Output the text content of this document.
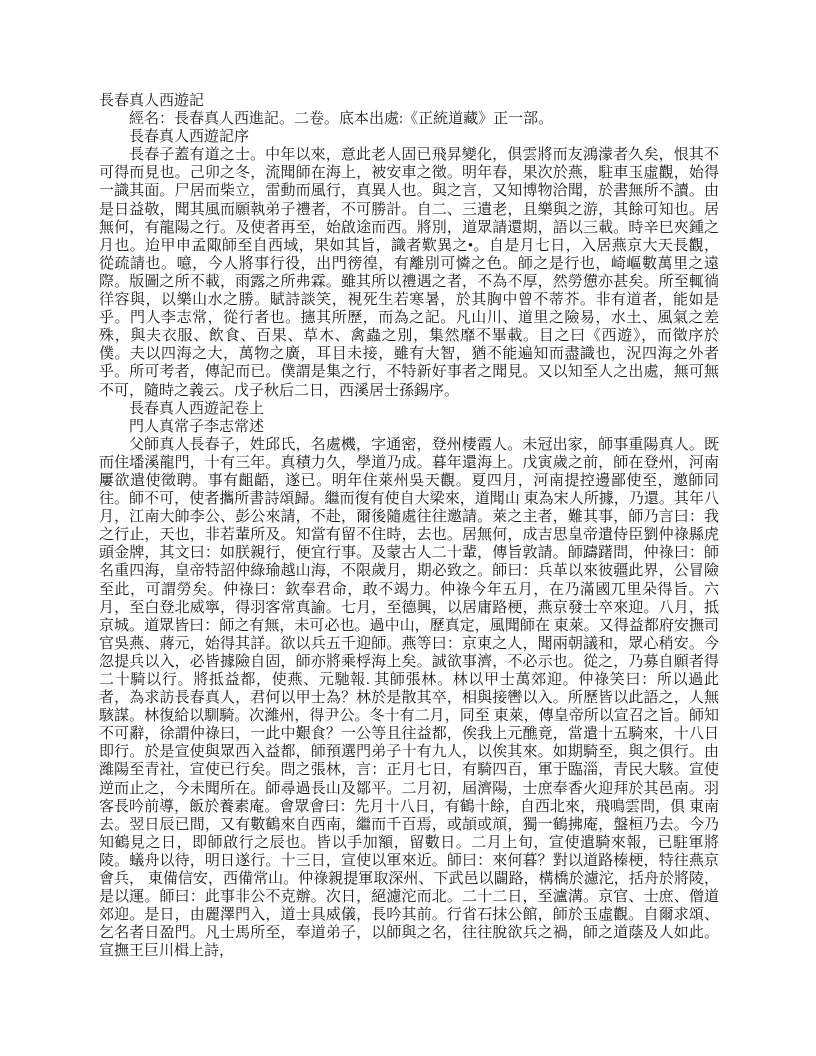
長春真人西遊記
經名：長春真人西進記。二卷。底本出處:《正統道藏》正一部。
長春真人西遊記序

長春子蓋有道之士。中年以來，意此老人固已飛昇變化，倶雲將而友鴻濛者久矣，恨其不可得而見也。己卯之冬，流聞師在海上，被安車之徵。明年春，果次於燕，駐車玉虛觀，始得一識其面。尸居而柴立，雷動而風行，真異人也。與之言，又知博物洽聞，於書無所不讀。由是日益敬，聞其風而願執弟子禮者，不可勝計。自二、三遺老，且樂與之游，其餘可知也。居無何，有龍陽之行。及使者再至，始啟途而西。將別，道眾請還期，語以三載。時辛巳夾鍾之月也。迨甲申孟陬師至自西域，果如其旨，識者歎異之•。自是月七日，入居燕京大天長觀，從疏請也。噫，今人將事行役，出門徬徨，有離別可憐之色。師之是行也，崎嶇數萬里之遠際。版圖之所不載，雨露之所弗霖。雖其所以禮遇之者，不為不厚，然勞憊亦甚矣。所至輒徜徉容與，以樂山水之勝。賦詩談笑，視死生若寒暑，於其胸中曾不蒂芥。非有道者，能如是乎。門人李志常，從行者也。攇其所歷，而為之記。凡山川、道里之險易，水土、風氣之差殊，與夫衣服、飲食、百果、草木、禽蟲之別，集然靡不畢載。目之曰《西遊》，而徵序於僕。夫以四海之大，萬物之廣，耳目未接，雖有大智，猶不能遍知而盡識也，況四海之外者乎。所可考者，傳記而已。僕謂是集之行，不特新好事者之聞見。又以知至人之出處，無可無不可，隨時之義云。戊子秋后二日，西溪居士孫錫序。

長春真人西遊記卷上
門人真常子李志常述

父師真人長春子，姓邱氏，名處機，字通密，登州棲霞人。未冠出家，師事重陽真人。既而住墦溪龍門，十有三年。真積力久，學道乃成。暮年還海上。戊寅歲之前，師在登州，河南屢欲遣使徵聘。事有齟齬，遂已。明年住萊州吳天觀。夏四月，河南提控邊鄙使至，邀師同往。師不可，使者攜所書詩頌歸。繼而復有使自大梁來，道聞山 東為宋人所據，乃還。其年八月，江南大帥李公、彭公來請，不赴，爾後隨處往往邀請。萊之主者，難其事，師乃言曰：我之行止，天也，非若輩所及。知當有留不住時，去也。居無何，成吉思皇帝遣侍臣劉仲祿縣虎頭金牌，其文曰：如朕親行，便宜行事。及蒙古人二十輩，傳旨敦請。師躊躇問，仲祿曰：師名重四海，皇帝特詔仲綠瑜越山海，不限歲月，期必致之。師曰：兵革以來彼疆此界，公冒險至此，可謂勞矣。仲祿曰：欽奉君命，敢不竭力。仲祿今年五月，在乃滿國兀里朵得旨。六月，至白登北威寧，得羽客常真諭。七月，至德興，以居庸路梗，燕京發士卒來迎。八月，抵京城。道眾皆曰：師之有無，未可必也。過中山，歷真定，風聞師在 東萊。又得益都府安撫司官吳燕、蔣元，始得其詳。欲以兵五千迎師。燕等曰：京東之人，聞兩朝議和，眾心稍安。今忽提兵以入，必皆據險自固，師亦將乘桴海上矣。誠欲事濟，不必示也。從之，乃募自願者得二十騎以行。將抵益都，使燕、元馳報. 其師張林。林以甲士萬郊迎。仲祿笑曰：所以過此者，為求訪長春真人，君何以甲士為？林於是散其卒，相與接轡以入。所歷皆以此語之，人無駭謀。林復給以馴騎。次濰州，得尹公。冬十有二月，同至 東萊，傳皇帝所以宣召之旨。師知不可辭，徐謂仲祿曰，一此中艱食？一公等且往益都，俟我上元醮竟，當遣十五騎來，十八日即行。於是宣使與眾西入益都，師預選門弟子十有九人，以俟其來。如期騎至，與之俱行。由濰陽至青社，宣使已行矣。問之張林，言：正月七日，有騎四百，軍于臨淄，青民大駭。宣使逆而止之，今未聞所在。師尋過長山及鄒平。二月初，屆濟陽，士庶奉香火迎拜於其邑南。羽客長吟前導，飯於養素庵。會眾會曰：先月十八日，有鶴十餘，自西北來，飛鳴雲問，俱 東南去。翌日辰已間，又有數鶴來自西南，繼而千百焉，或頡或頏，獨一鶴拂庵，盤桓乃去。今乃知鶴見之日，即師啟行之辰也。皆以手加額，留數日。二月上旬，宣使遣騎來報，已駐軍將陵。蟻舟以待，明日遂行。十三日，宣使以軍來近。師曰：來何暮？對以道路榛梗，特往燕京會兵， 東備信安，西備常山。仲祿親提軍取深州、下武邑以闢路，構橋於濾沱，括舟於將陵，是以運。師曰：此事非公不克辦。次日，絕濾沱而北。二十二日，至瀘溝。京官、士庶、僧道郊迎。是日，由麗澤門入，道士具威儀，長吟其前。行省石抹公館，師於玉虛觀。自爾求頌、乞名者日盈門。凡士馬所至，奉道弟子，以師與之名，往往脫欲兵之禍，師之道蔭及人如此。宣撫王巨川楫上詩，
